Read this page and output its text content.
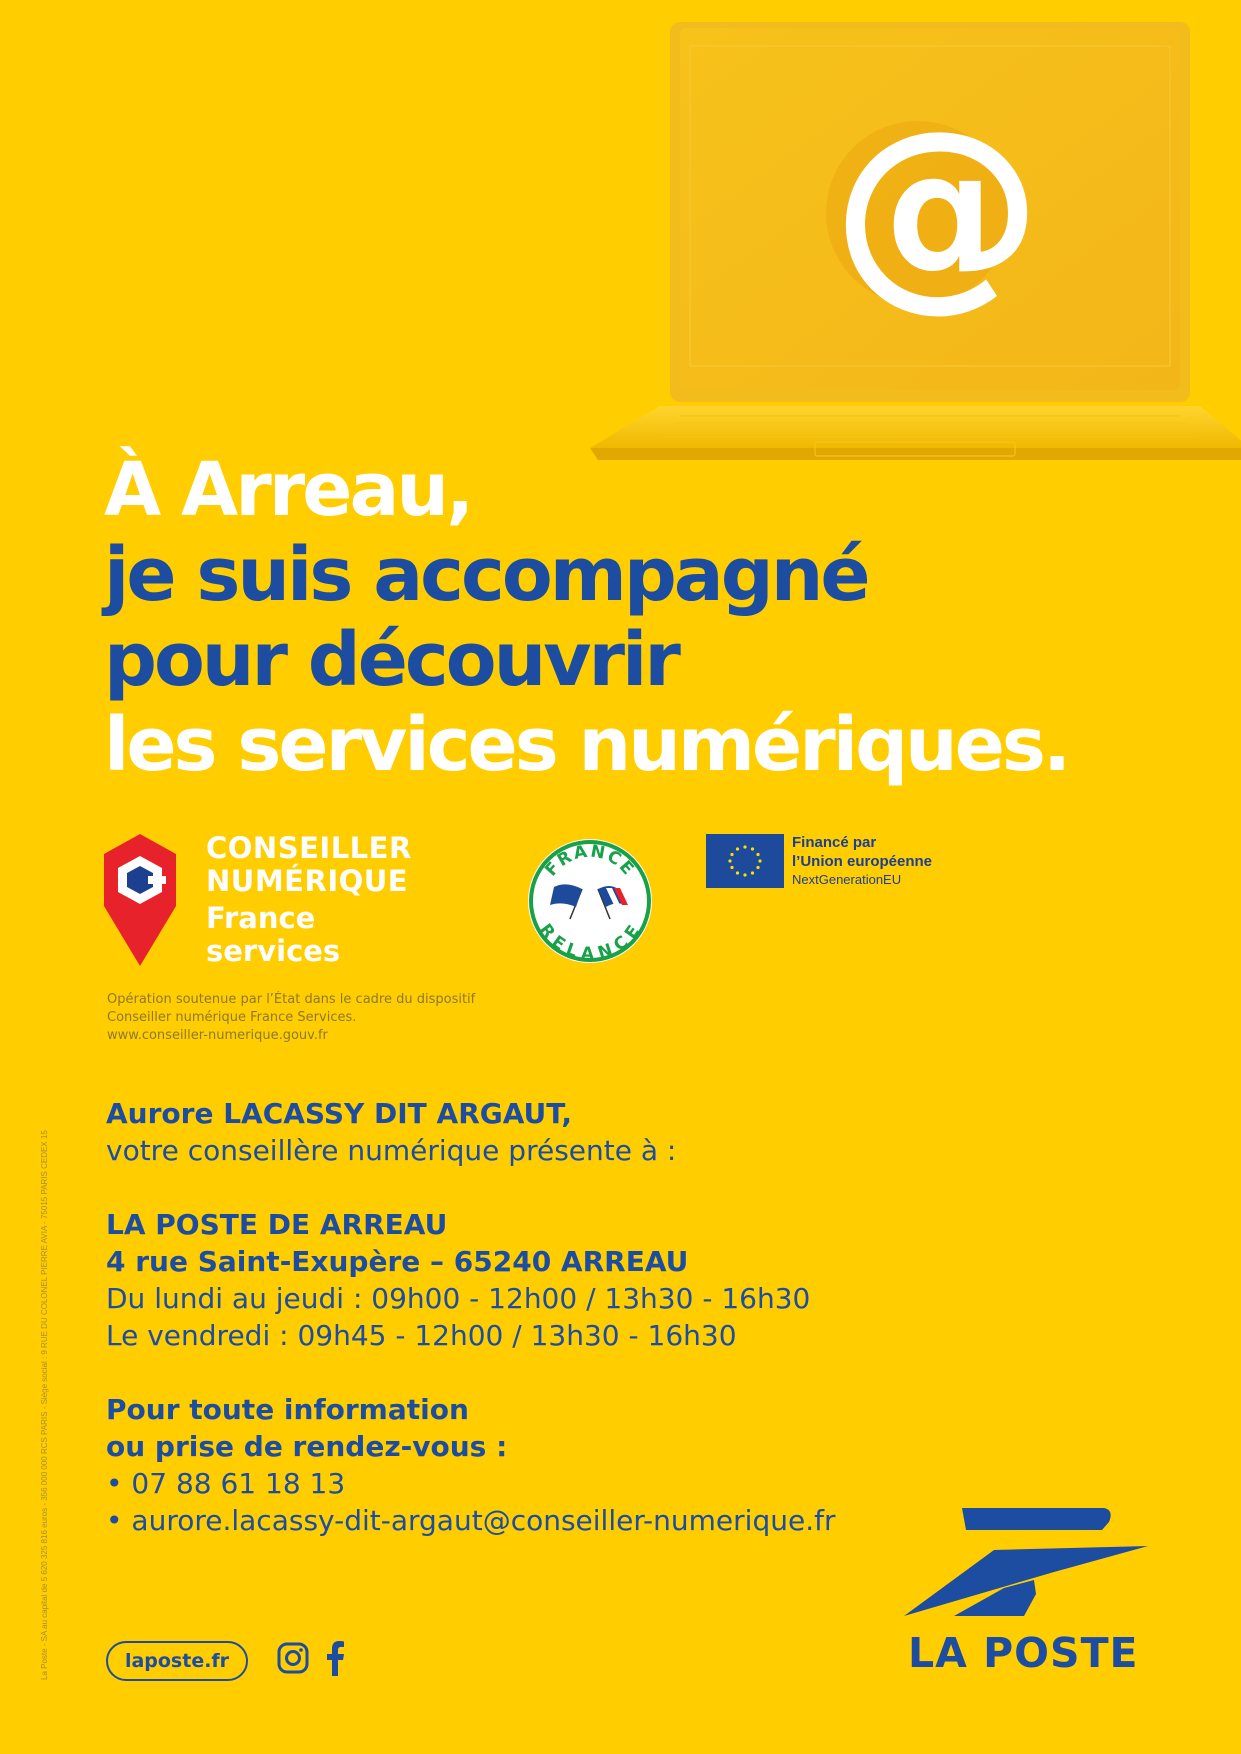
@
À Arreau,
je suis accompagné
pour découvrir
les services numériques.
CONSEILLER
NUMÉRIQUE
France
services
FRANCE
RELANCE
Financé par
l’Union européenne
NextGenerationEU
Opération soutenue par l’État dans le cadre du dispositif
Conseiller numérique France Services.
www.conseiller-numerique.gouv.fr
Aurore LACASSY DIT ARGAUT,
votre conseillère numérique présente à :
LA POSTE DE ARREAU
4 rue Saint-Exupère – 65240 ARREAU
Du lundi au jeudi : 09h00 - 12h00 / 13h30 - 16h30
Le vendredi : 09h45 - 12h00 / 13h30 - 16h30
Pour toute information
ou prise de rendez-vous :
• 07 88 61 18 13
• aurore.lacassy-dit-argaut@conseiller-numerique.fr
La Poste - SA au capital de 5 620 325 816 euros - 356 000 000 RCS PARIS - Siège social : 9 RUE DU COLONEL PIERRE AVIA - 75015 PARIS CEDEX 15	laposte.fr	LA POSTE
